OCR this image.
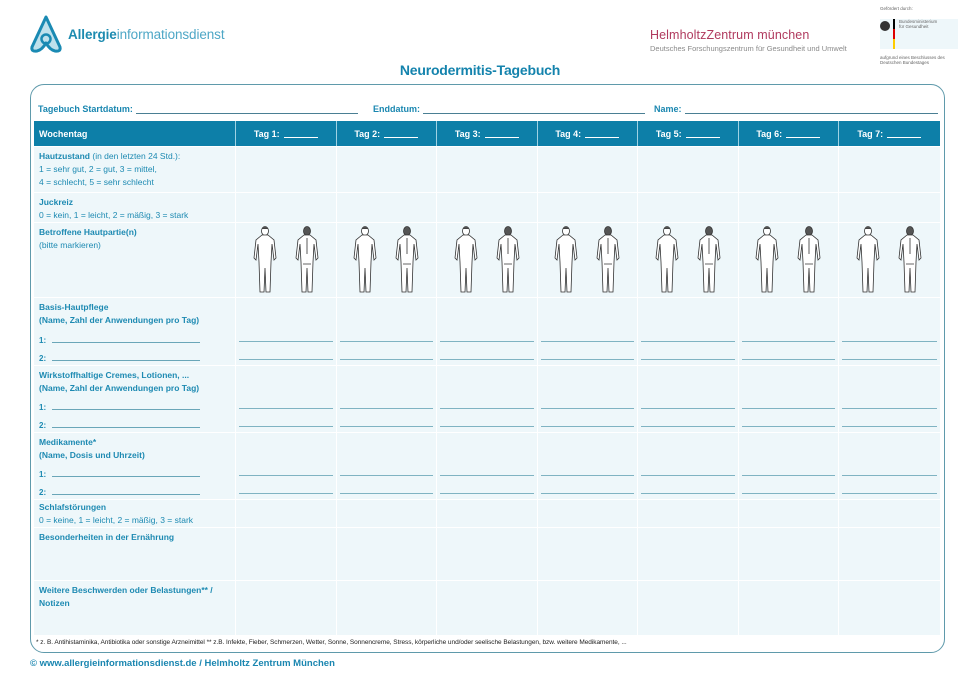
Allergieinformationsdienst	HelmholtzZentrum münchen
Deutsches Forschungszentrum für Gesundheit und Umwelt
Gefördert durch:
Bundesministerium für Gesundheit
aufgrund eines Beschlusses des Deutschen Bundestages
Neurodermitis-Tagebuch
Tagebuch Startdatum:	Enddatum:	Name:
Wochentag	Tag 1:	Tag 2:	Tag 3:	Tag 4:	Tag 5:	Tag 6:	Tag 7:
Hautzustand (in den letzten 24 Std.):
1 = sehr gut, 2 = gut, 3 = mittel,
4 = schlecht, 5 = sehr schlecht
Juckreiz
0 = kein, 1 = leicht, 2 = mäßig, 3 = stark
Betroffene Hautpartie(n)
(bitte markieren)
Basis-Hautpflege
(Name, Zahl der Anwendungen pro Tag)
1:
2:
Wirkstoffhaltige Cremes, Lotionen, ...
(Name, Zahl der Anwendungen pro Tag)
1:
2:
Medikamente*
(Name, Dosis und Uhrzeit)
1:
2:
Schlafstörungen
0 = keine, 1 = leicht, 2 = mäßig, 3 = stark
Besonderheiten in der Ernährung
Weitere Beschwerden oder Belastungen** /
Notizen
* z. B. Antihistaminika, Antibiotika oder sonstige Arzneimittel ** z.B. Infekte, Fieber, Schmerzen, Wetter, Sonne, Sonnencreme, Stress, körperliche und/oder seelische Belastungen, bzw. weitere Medikamente, ...
© www.allergieinformationsdienst.de / Helmholtz Zentrum München
